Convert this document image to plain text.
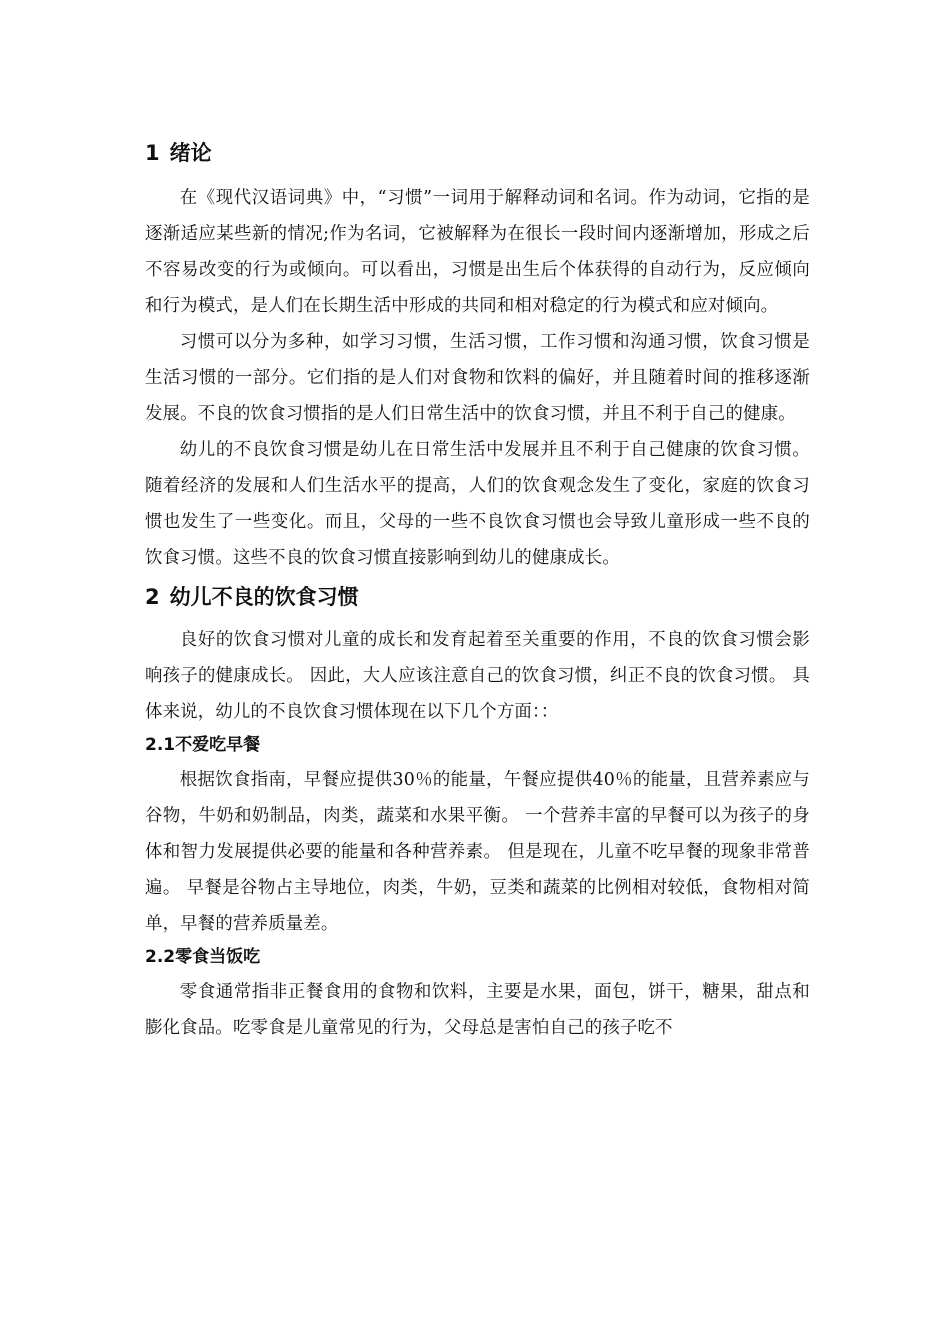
1 绪论

在《现代汉语词典》中，“习惯”一词用于解释动词和名词。作为动词，它指的是逐渐适应某些新的情况;作为名词，它被解释为在很长一段时间内逐渐增加，形成之后不容易改变的行为或倾向。可以看出，习惯是出生后个体获得的自动行为，反应倾向和行为模式，是人们在长期生活中形成的共同和相对稳定的行为模式和应对倾向。

习惯可以分为多种，如学习习惯，生活习惯，工作习惯和沟通习惯，饮食习惯是生活习惯的一部分。它们指的是人们对食物和饮料的偏好，并且随着时间的推移逐渐发展。不良的饮食习惯指的是人们日常生活中的饮食习惯，并且不利于自己的健康。

幼儿的不良饮食习惯是幼儿在日常生活中发展并且不利于自己健康的饮食习惯。随着经济的发展和人们生活水平的提高，人们的饮食观念发生了变化，家庭的饮食习惯也发生了一些变化。而且，父母的一些不良饮食习惯也会导致儿童形成一些不良的饮食习惯。这些不良的饮食习惯直接影响到幼儿的健康成长。

2 幼儿不良的饮食习惯

良好的饮食习惯对儿童的成长和发育起着至关重要的作用，不良的饮食习惯会影响孩子的健康成长。 因此，大人应该注意自己的饮食习惯，纠正不良的饮食习惯。 具体来说，幼儿的不良饮食习惯体现在以下几个方面：：

2.1不爱吃早餐

根据饮食指南，早餐应提供30％的能量，午餐应提供40％的能量，且营养素应与谷物，牛奶和奶制品，肉类，蔬菜和水果平衡。 一个营养丰富的早餐可以为孩子的身体和智力发展提供必要的能量和各种营养素。 但是现在，儿童不吃早餐的现象非常普遍。 早餐是谷物占主导地位，肉类，牛奶，豆类和蔬菜的比例相对较低，食物相对简单，早餐的营养质量差。

2.2零食当饭吃

零食通常指非正餐食用的食物和饮料，主要是水果，面包，饼干，糖果，甜点和膨化食品。吃零食是儿童常见的行为，父母总是害怕自己的孩子吃不
